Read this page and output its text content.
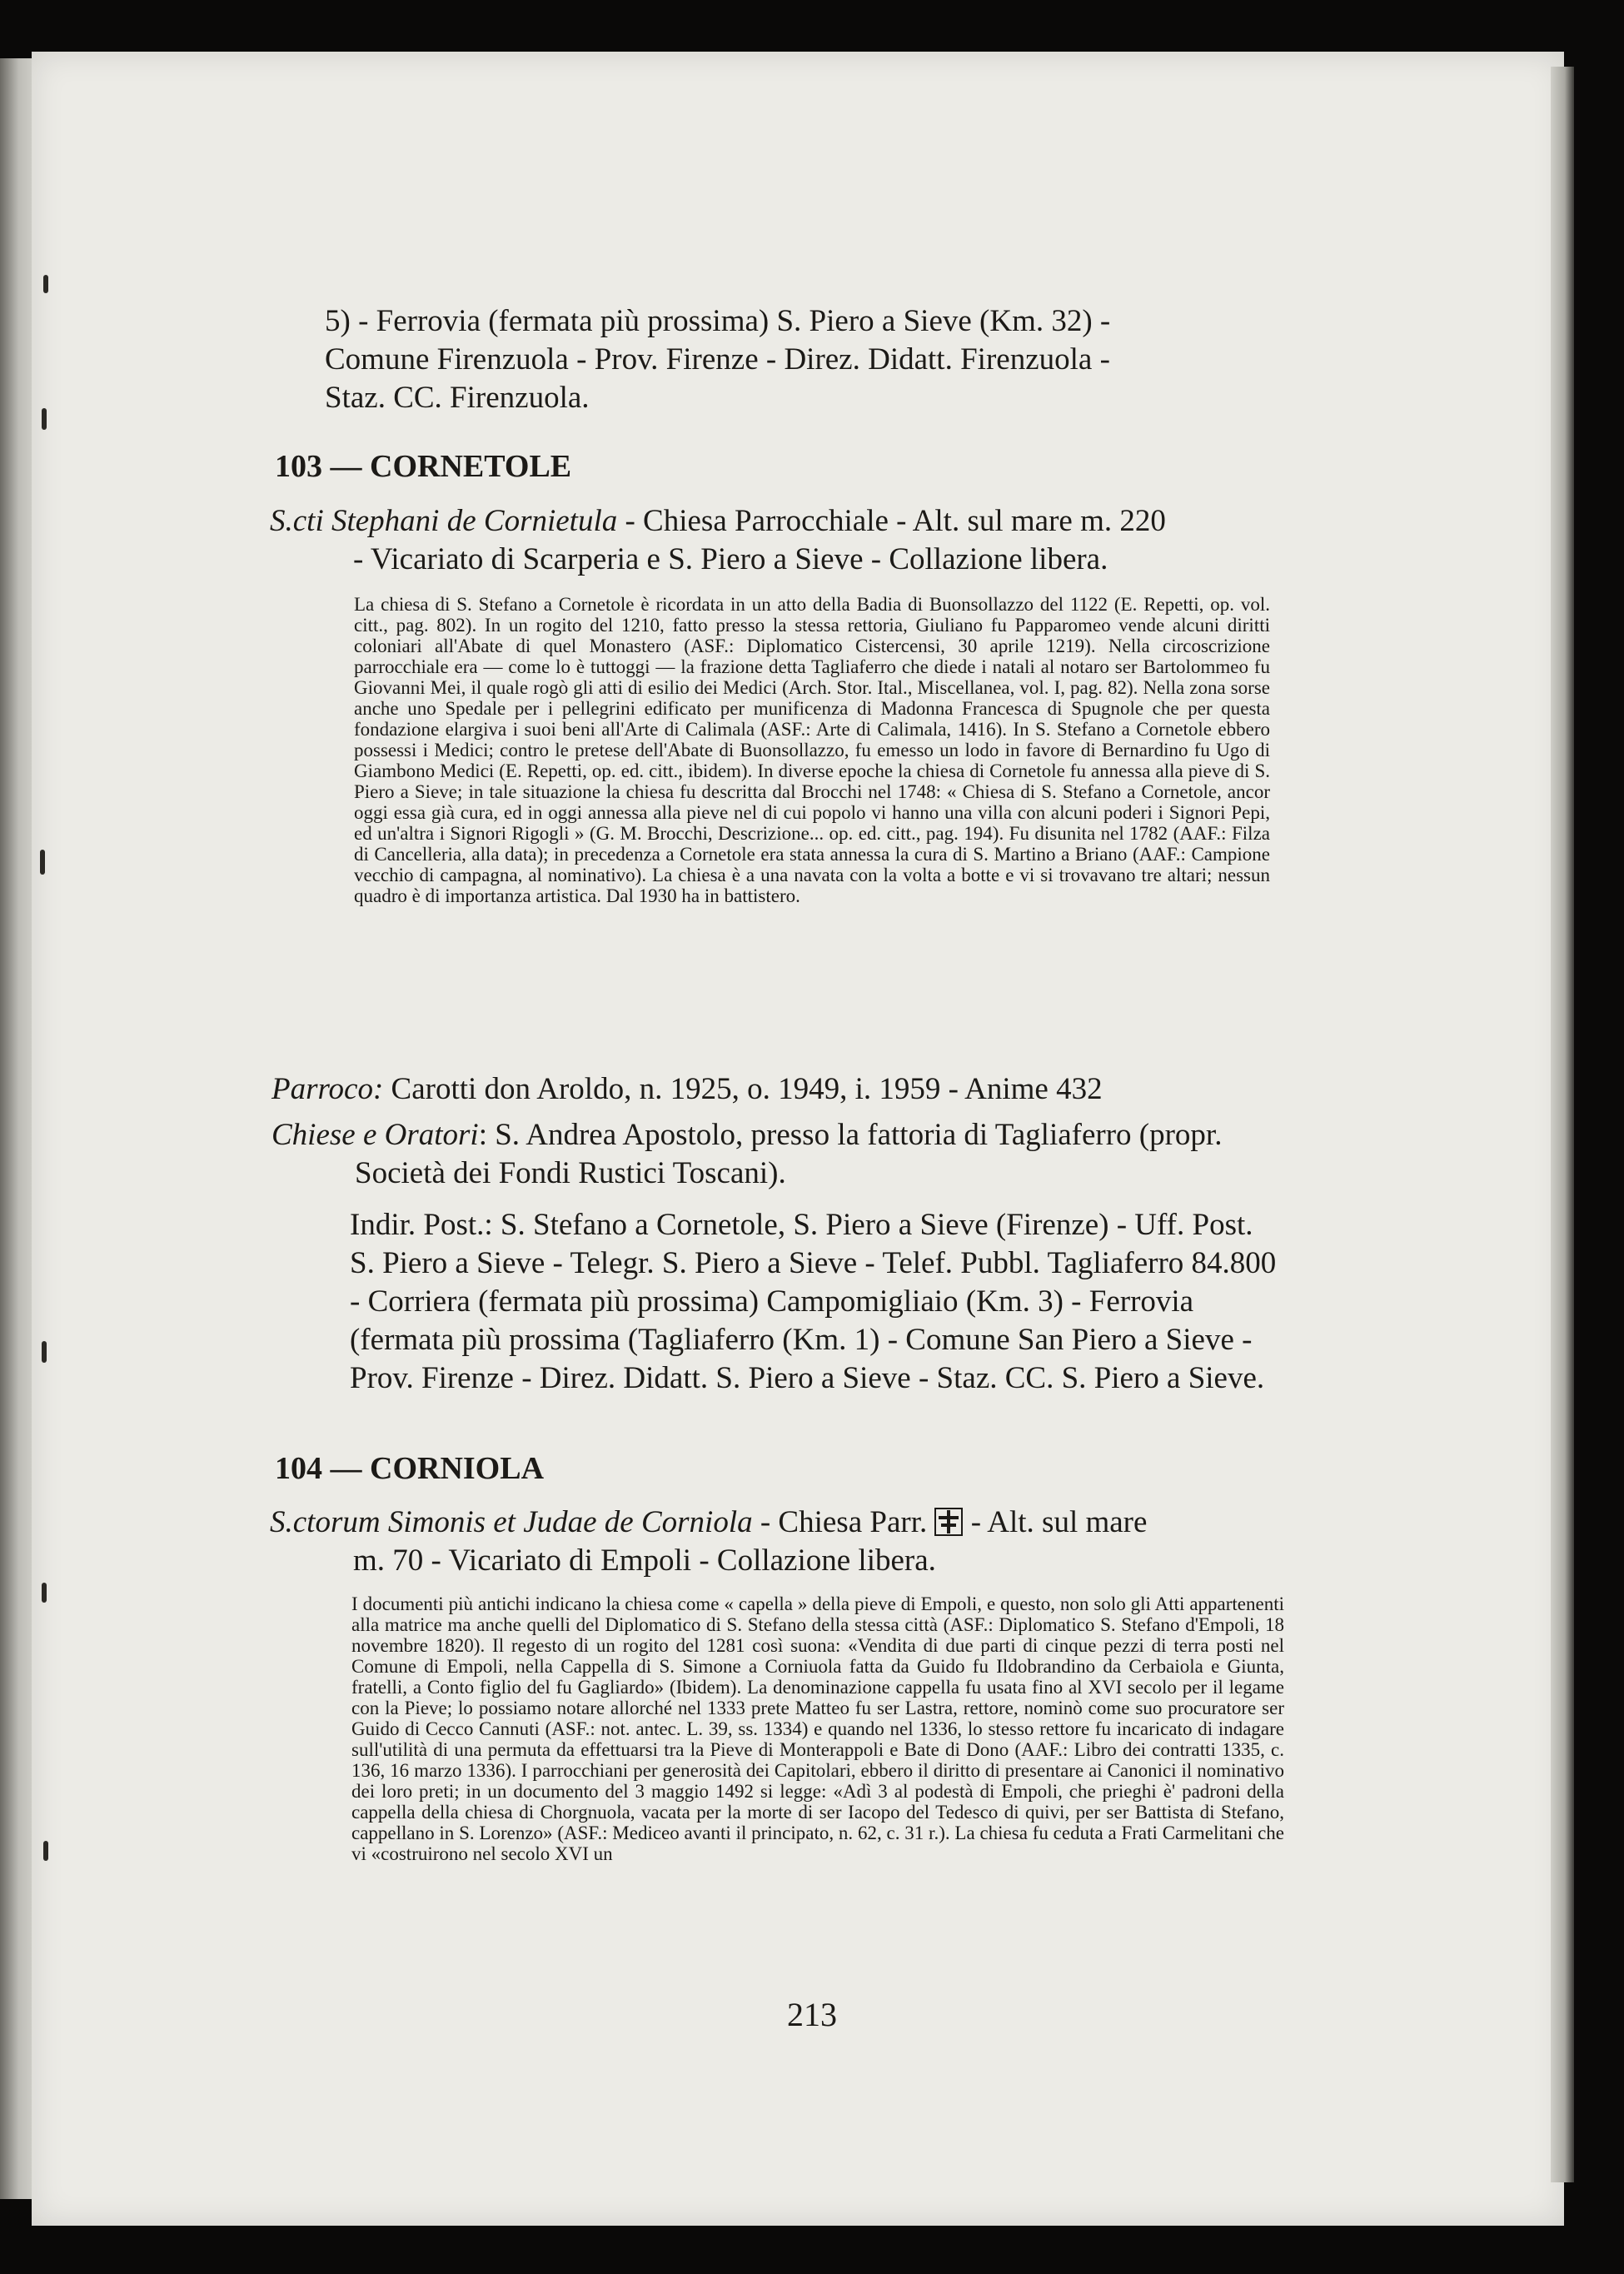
5) - Ferrovia (fermata più prossima) S. Piero a Sieve (Km. 32) -

Comune Firenzuola - Prov. Firenze - Direz. Didatt. Firenzuola -

Staz. CC. Firenzuola.

103 — CORNETOLE

S.cti Stephani de Cornietula - Chiesa Parrocchiale - Alt. sul mare m. 220

- Vicariato di Scarperia e S. Piero a Sieve - Collazione libera.

La chiesa di S. Stefano a Cornetole è ricordata in un atto della Badia di Buonsollazzo del 1122 (E. Repetti, op. vol. citt., pag. 802). In un rogito del 1210, fatto presso la stessa rettoria, Giuliano fu Papparomeo vende alcuni diritti coloniari all'Abate di quel Monastero (ASF.: Diplomatico Cistercensi, 30 aprile 1219). Nella circoscrizione parrocchiale era — come lo è tuttoggi — la frazione detta Tagliaferro che diede i natali al notaro ser Bartolommeo fu Giovanni Mei, il quale rogò gli atti di esilio dei Medici (Arch. Stor. Ital., Miscellanea, vol. I, pag. 82). Nella zona sorse anche uno Spedale per i pellegrini edificato per munificenza di Madonna Francesca di Spugnole che per questa fondazione elargiva i suoi beni all'Arte di Calimala (ASF.: Arte di Calimala, 1416). In S. Stefano a Cornetole ebbero possessi i Medici; contro le pretese dell'Abate di Buonsollazzo, fu emesso un lodo in favore di Bernardino fu Ugo di Giambono Medici (E. Repetti, op. ed. citt., ibidem). In diverse epoche la chiesa di Cornetole fu annessa alla pieve di S. Piero a Sieve; in tale situazione la chiesa fu descritta dal Brocchi nel 1748: « Chiesa di S. Stefano a Cornetole, ancor oggi essa già cura, ed in oggi annessa alla pieve nel di cui popolo vi hanno una villa con alcuni poderi i Signori Pepi, ed un'altra i Signori Rigogli » (G. M. Brocchi, Descrizione... op. ed. citt., pag. 194). Fu disunita nel 1782 (AAF.: Filza di Cancelleria, alla data); in precedenza a Cornetole era stata annessa la cura di S. Martino a Briano (AAF.: Campione vecchio di campagna, al nominativo). La chiesa è a una navata con la volta a botte e vi si trovavano tre altari; nessun quadro è di importanza artistica. Dal 1930 ha in battistero.

Parroco: Carotti don Aroldo, n. 1925, o. 1949, i. 1959 - Anime 432

Chiese e Oratori: S. Andrea Apostolo, presso la fattoria di Tagliaferro (propr. Società dei Fondi Rustici Toscani).

Indir. Post.: S. Stefano a Cornetole, S. Piero a Sieve (Firenze) - Uff. Post. S. Piero a Sieve - Telegr. S. Piero a Sieve - Telef. Pubbl. Tagliaferro 84.800 - Corriera (fermata più prossima) Campomigliaio (Km. 3) - Ferrovia (fermata più prossima (Tagliaferro (Km. 1) - Comune San Piero a Sieve - Prov. Firenze - Direz. Didatt. S. Piero a Sieve - Staz. CC. S. Piero a Sieve.

104 — CORNIOLA

S.ctorum Simonis et Judae de Corniola - Chiesa Parr.  - Alt. sul mare

m. 70 - Vicariato di Empoli - Collazione libera.

I documenti più antichi indicano la chiesa come « capella » della pieve di Empoli, e questo, non solo gli Atti appartenenti alla matrice ma anche quelli del Diplomatico di S. Stefano della stessa città (ASF.: Diplomatico S. Stefano d'Empoli, 18 novembre 1820). Il regesto di un rogito del 1281 così suona: «Vendita di due parti di cinque pezzi di terra posti nel Comune di Empoli, nella Cappella di S. Simone a Corniuola fatta da Guido fu Ildobrandino da Cerbaiola e Giunta, fratelli, a Conto figlio del fu Gagliardo» (Ibidem). La denominazione cappella fu usata fino al XVI secolo per il legame con la Pieve; lo possiamo notare allorché nel 1333 prete Matteo fu ser Lastra, rettore, nominò come suo procuratore ser Guido di Cecco Cannuti (ASF.: not. antec. L. 39, ss. 1334) e quando nel 1336, lo stesso rettore fu incaricato di indagare sull'utilità di una permuta da effettuarsi tra la Pieve di Monterappoli e Bate di Dono (AAF.: Libro dei contratti 1335, c. 136, 16 marzo 1336). I parrocchiani per generosità dei Capitolari, ebbero il diritto di presentare ai Canonici il nominativo dei loro preti; in un documento del 3 maggio 1492 si legge: «Adì 3 al podestà di Empoli, che prieghi è' padroni della cappella della chiesa di Chorgnuola, vacata per la morte di ser Iacopo del Tedesco di quivi, per ser Battista di Stefano, cappellano in S. Lorenzo» (ASF.: Mediceo avanti il principato, n. 62, c. 31 r.). La chiesa fu ceduta a Frati Carmelitani che vi «costruirono nel secolo XVI un

213
